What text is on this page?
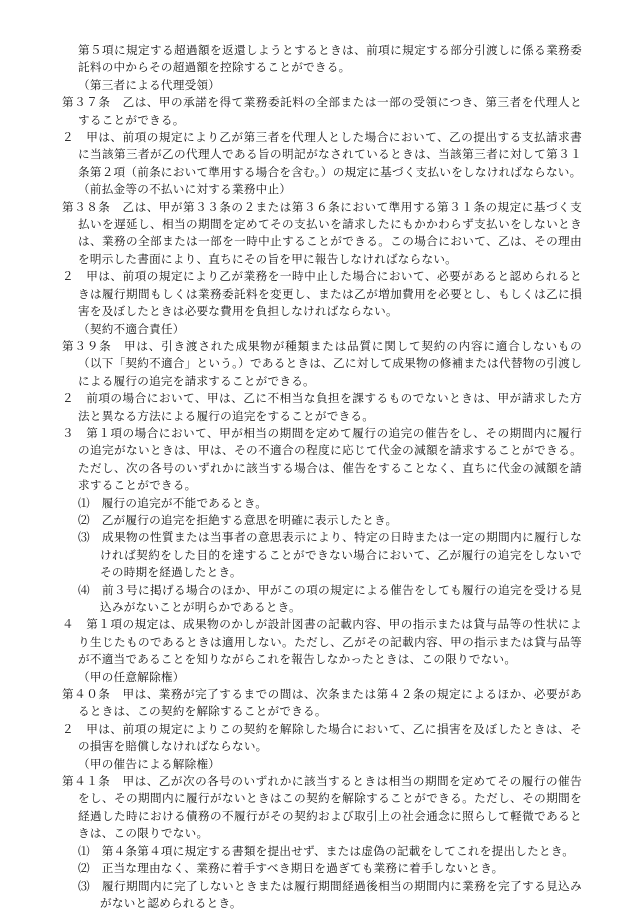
第５項に規定する超過額を返還しようとするときは、前項に規定する部分引渡しに係る業務委託料の中からその超過額を控除することができる。

（第三者による代理受領）

第３７条　乙は、甲の承諾を得て業務委託料の全部または一部の受領につき、第三者を代理人とすることができる。

２　甲は、前項の規定により乙が第三者を代理人とした場合において、乙の提出する支払請求書に当該第三者が乙の代理人である旨の明記がなされているときは、当該第三者に対して第３１条第２項（前条において準用する場合を含む。）の規定に基づく支払いをしなければならない。

（前払金等の不払いに対する業務中止）

第３８条　乙は、甲が第３３条の２または第３６条において準用する第３１条の規定に基づく支払いを遅延し、相当の期間を定めてその支払いを請求したにもかかわらず支払いをしないときは、業務の全部または一部を一時中止することができる。この場合において、乙は、その理由を明示した書面により、直ちにその旨を甲に報告しなければならない。

２　甲は、前項の規定により乙が業務を一時中止した場合において、必要があると認められるときは履行期間もしくは業務委託料を変更し、または乙が増加費用を必要とし、もしくは乙に損害を及ぼしたときは必要な費用を負担しなければならない。

（契約不適合責任）

第３９条　甲は、引き渡された成果物が種類または品質に関して契約の内容に適合しないもの（以下「契約不適合」という。）であるときは、乙に対して成果物の修補または代替物の引渡しによる履行の追完を請求することができる。

２　前項の場合において、甲は、乙に不相当な負担を課するものでないときは、甲が請求した方法と異なる方法による履行の追完をすることができる。

３　第１項の場合において、甲が相当の期間を定めて履行の追完の催告をし、その期間内に履行の追完がないときは、甲は、その不適合の程度に応じて代金の減額を請求することができる。ただし、次の各号のいずれかに該当する場合は、催告をすることなく、直ちに代金の減額を請求することができる。

⑴　履行の追完が不能であるとき。

⑵　乙が履行の追完を拒絶する意思を明確に表示したとき。

⑶　成果物の性質または当事者の意思表示により、特定の日時または一定の期間内に履行しなければ契約をした目的を達することができない場合において、乙が履行の追完をしないでその時期を経過したとき。

⑷　前３号に掲げる場合のほか、甲がこの項の規定による催告をしても履行の追完を受ける見込みがないことが明らかであるとき。

４　第１項の規定は、成果物のかしが設計図書の記載内容、甲の指示または貸与品等の性状により生じたものであるときは適用しない。ただし、乙がその記載内容、甲の指示または貸与品等が不適当であることを知りながらこれを報告しなかったときは、この限りでない。

（甲の任意解除権）

第４０条　甲は、業務が完了するまでの間は、次条または第４２条の規定によるほか、必要があるときは、この契約を解除することができる。

２　甲は、前項の規定によりこの契約を解除した場合において、乙に損害を及ぼしたときは、その損害を賠償しなければならない。

（甲の催告による解除権）

第４１条　甲は、乙が次の各号のいずれかに該当するときは相当の期間を定めてその履行の催告をし、その期間内に履行がないときはこの契約を解除することができる。ただし、その期間を経過した時における債務の不履行がその契約および取引上の社会通念に照らして軽微であるときは、この限りでない。

⑴　第４条第４項に規定する書類を提出せず、または虚偽の記載をしてこれを提出したとき。

⑵　正当な理由なく、業務に着手すべき期日を過ぎても業務に着手しないとき。

⑶　履行期間内に完了しないときまたは履行期間経過後相当の期間内に業務を完了する見込みがないと認められるとき。
